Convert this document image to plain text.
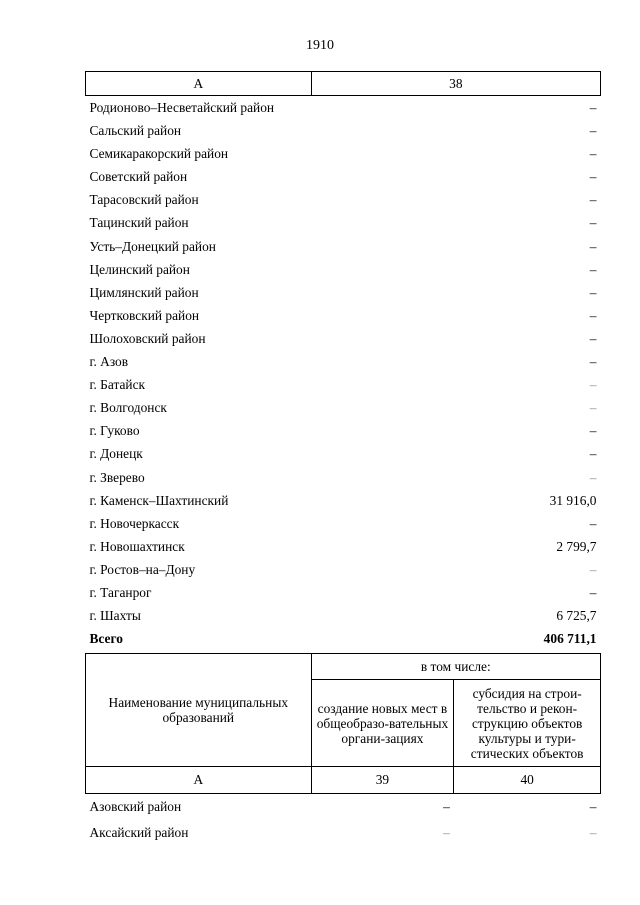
1910
А	38
Родионово–Несветайский район	–
Сальский район	–
Семикаракорский район	–
Советский район	–
Тарасовский район	–
Тацинский район	–
Усть–Донецкий район	–
Целинский район	–
Цимлянский район	–
Чертковский район	–
Шолоховский район	–
г. Азов	–
г. Батайск	–
г. Волгодонск	–
г. Гуково	–
г. Донецк	–
г. Зверево	–
г. Каменск–Шахтинский	31 916,0
г. Новочеркасск	–
г. Новошахтинск	2 799,7
г. Ростов–на–Дону	–
г. Таганрог	–
г. Шахты	6 725,7
Всего	406 711,1
Наименование муниципальных образований	в том числе:	
	создание новых мест в общеобразо-вательных органи-зациях	субсидия на строи-тельство и рекон-струкцию объектов культуры и тури-стических объектов
А	39	40
Азовский район	–	–
Аксайский район	–	–
